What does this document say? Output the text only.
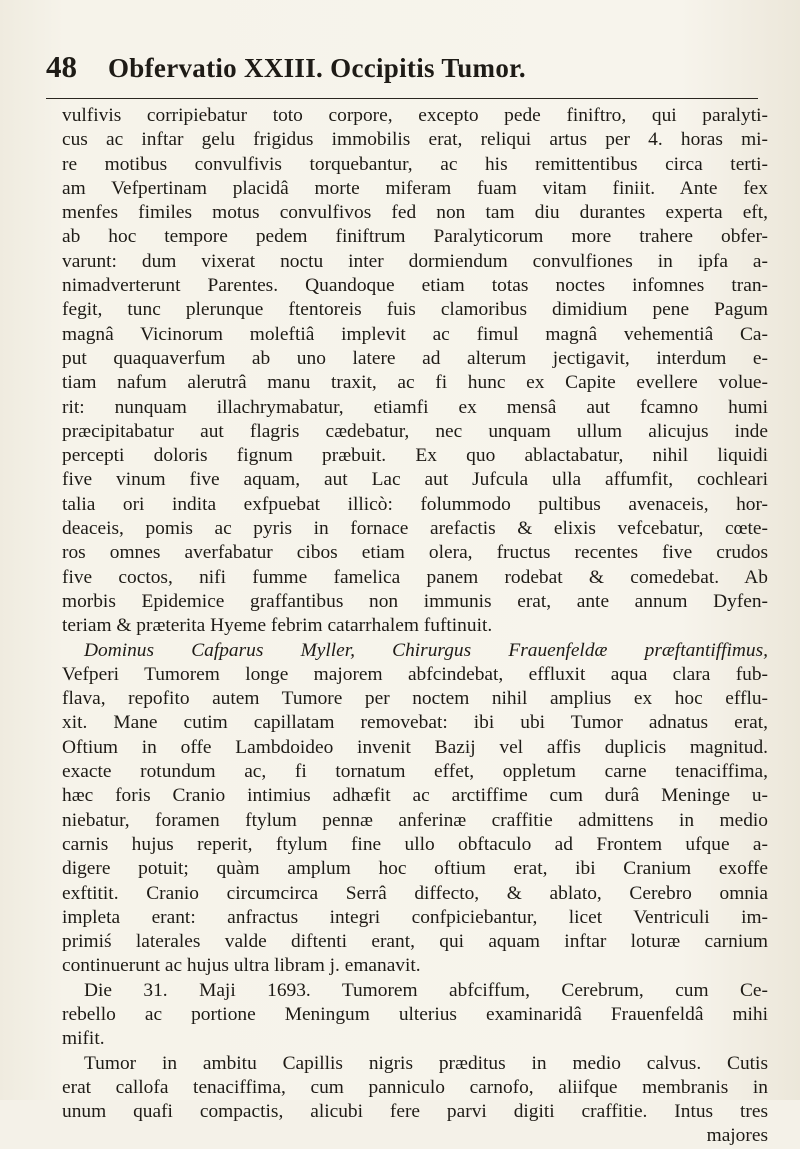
48 Obfervatio XXIII. Occipitis Tumor.
vulfivis corripiebatur toto corpore, excepto pede finiftro, qui paralyti-
cus ac inftar gelu frigidus immobilis erat, reliqui artus per 4. horas mi-
re motibus convulfivis torquebantur, ac his remittentibus circa terti-
am Vefpertinam placidâ morte miferam fuam vitam finiit. Ante fex
menfes fimiles motus convulfivos fed non tam diu durantes experta eft,
ab hoc tempore pedem finiftrum Paralyticorum more trahere obfer-
varunt: dum vixerat noctu inter dormiendum convulfiones in ipfa a-
nimadverterunt Parentes. Quandoque etiam totas noctes infomnes tran-
fegit, tunc plerunque ftentoreis fuis clamoribus dimidium pene Pagum
magnâ Vicinorum moleftiâ implevit ac fimul magnâ vehementiâ Ca-
put quaquaverfum ab uno latere ad alterum jectigavit, interdum e-
tiam nafum alerutrâ manu traxit, ac fi hunc ex Capite evellere volue-
rit: nunquam illachrymabatur, etiamfi ex mensâ aut fcamno humi
præcipitabatur aut flagris cædebatur, nec unquam ullum alicujus inde
percepti doloris fignum præbuit. Ex quo ablactabatur, nihil liquidi
five vinum five aquam, aut Lac aut Jufcula ulla affumfit, cochleari
talia ori indita exfpuebat illicò: folummodo pultibus avenaceis, hor-
deaceis, pomis ac pyris in fornace arefactis & elixis vefcebatur, cœte-
ros omnes averfabatur cibos etiam olera, fructus recentes five crudos
five coctos, nifi fumme famelica panem rodebat & comedebat. Ab
morbis Epidemice graffantibus non immunis erat, ante annum Dyfen-
teriam & præterita Hyeme febrim catarrhalem fuftinuit.
Dominus Cafparus Myller, Chirurgus Frauenfeldæ præftantiffimus,
Vefperi Tumorem longe majorem abfcindebat, effluxit aqua clara fub-
flava, repofito autem Tumore per noctem nihil amplius ex hoc efflu-
xit. Mane cutim capillatam removebat: ibi ubi Tumor adnatus erat,
Oftium in offe Lambdoideo invenit Bazij vel affis duplicis magnitud.
exacte rotundum ac, fi tornatum effet, oppletum carne tenaciffima,
hæc foris Cranio intimius adhæfit ac arctiffime cum durâ Meninge u-
niebatur, foramen ftylum pennæ anferinæ craffitie admittens in medio
carnis hujus reperit, ftylum fine ullo obftaculo ad Frontem ufque a-
digere potuit; quàm amplum hoc oftium erat, ibi Cranium exoffe
exftitit. Cranio circumcirca Serrâ diffecto, & ablato, Cerebro omnia
impleta erant: anfractus integri confpiciebantur, licet Ventriculi im-
primiś laterales valde diftenti erant, qui aquam inftar loturæ carnium
continuerunt ac hujus ultra libram j. emanavit.
Die 31. Maji 1693. Tumorem abfciffum, Cerebrum, cum Ce-
rebello ac portione Meningum ulterius examinaridâ Frauenfeldâ mihi
mifit.
Tumor in ambitu Capillis nigris præditus in medio calvus. Cutis
erat callofa tenaciffima, cum panniculo carnofo, aliifque membranis in
unum quafi compactis, alicubi fere parvi digiti craffitie. Intus tres
majores
